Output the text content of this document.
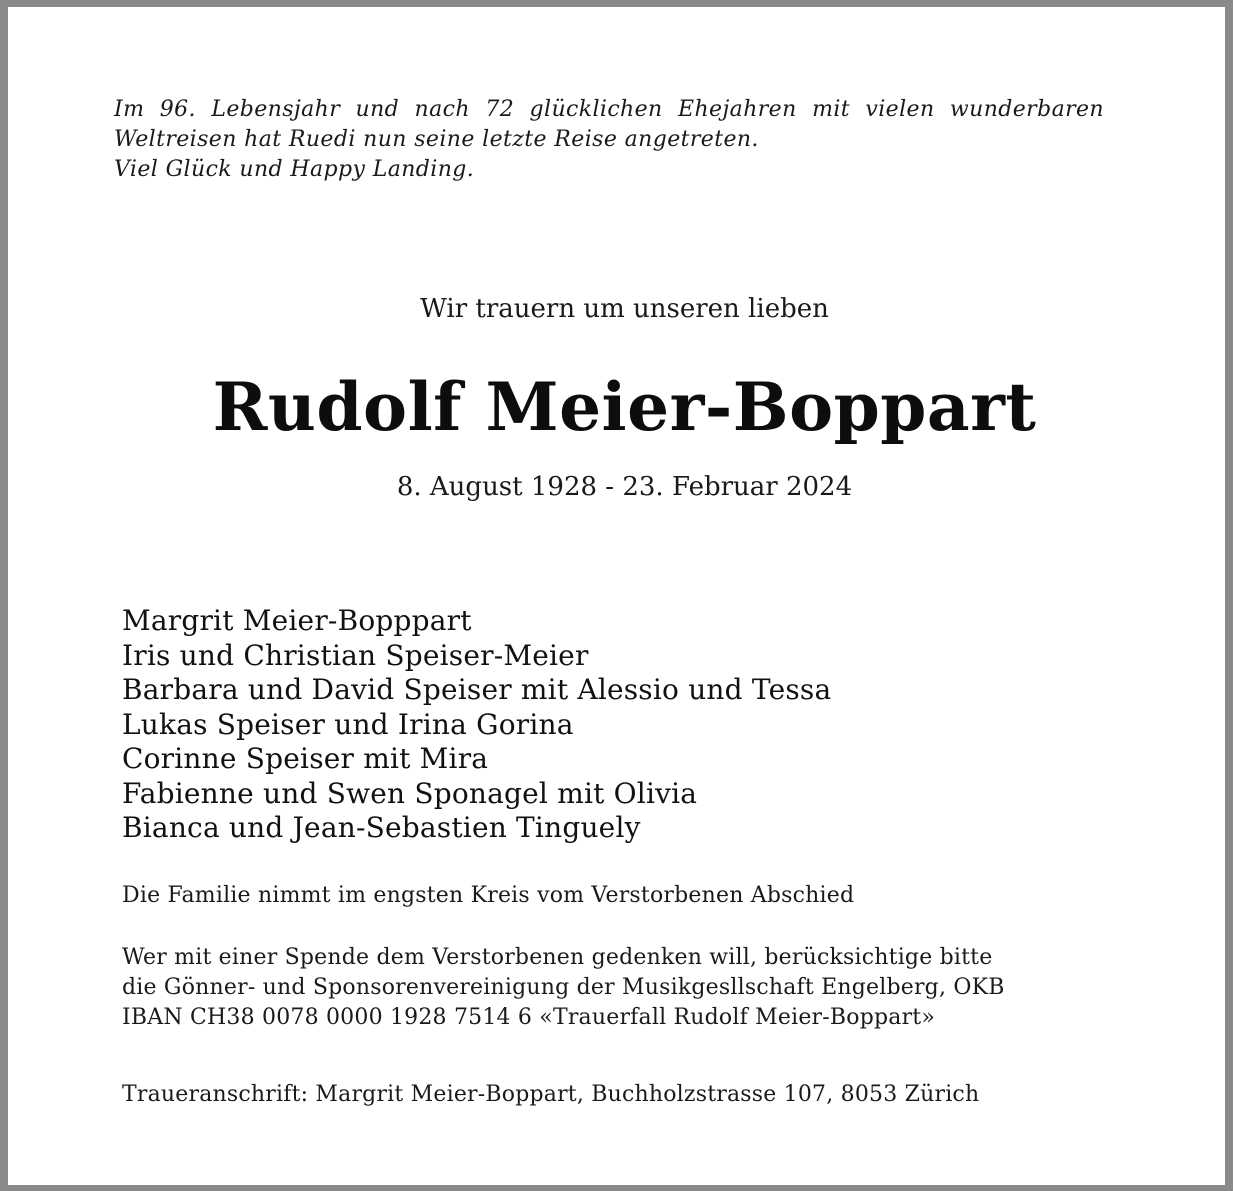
Im 96. Lebensjahr und nach 72 glücklichen Ehejahren mit vielen wunderbaren
Weltreisen hat Ruedi nun seine letzte Reise angetreten.
Viel Glück und Happy Landing.
Wir trauern um unseren lieben
Rudolf Meier-Boppart
8. August 1928 - 23. Februar 2024
Margrit Meier-Bopppart
Iris und Christian Speiser-Meier
Barbara und David Speiser mit Alessio und Tessa
Lukas Speiser und Irina Gorina
Corinne Speiser mit Mira
Fabienne und Swen Sponagel mit Olivia
Bianca und Jean-Sebastien Tinguely
Die Familie nimmt im engsten Kreis vom Verstorbenen Abschied
Wer mit einer Spende dem Verstorbenen gedenken will, berücksichtige bitte
die Gönner- und Sponsorenvereinigung der Musikgesllschaft Engelberg, OKB
IBAN CH38 0078 0000 1928 7514 6 «Trauerfall Rudolf Meier-Boppart»
Traueranschrift: Margrit Meier-Boppart, Buchholzstrasse 107, 8053 Zürich
